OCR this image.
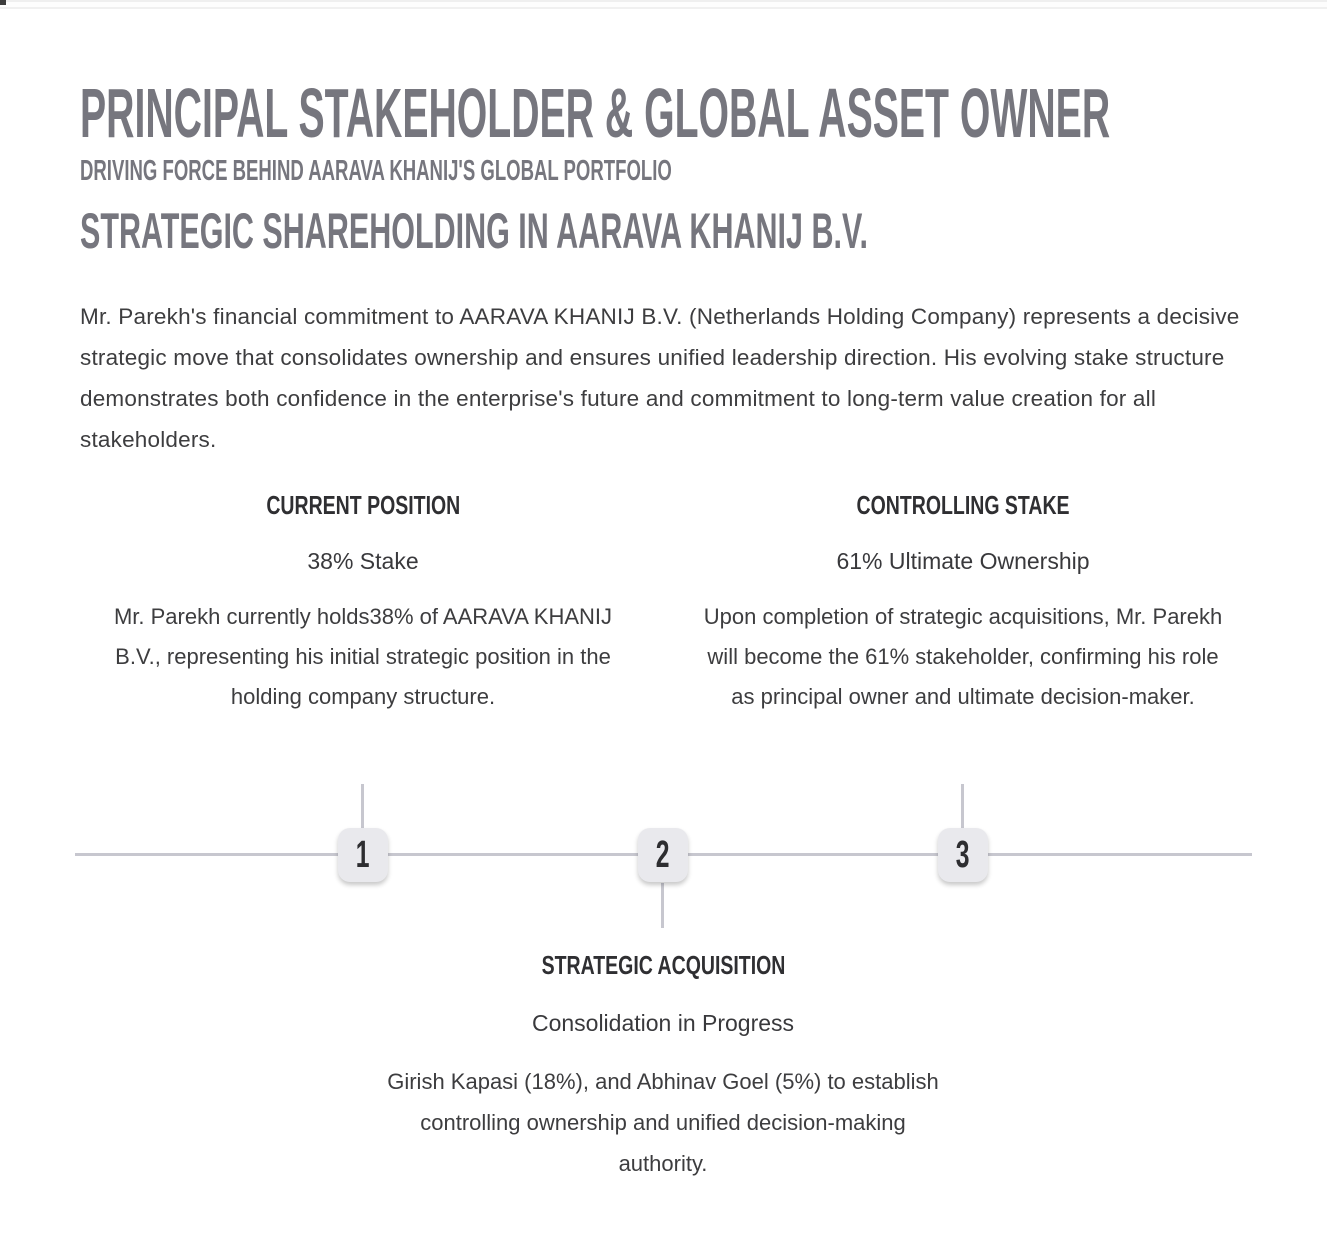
PRINCIPAL STAKEHOLDER & GLOBAL ASSET OWNER
DRIVING FORCE BEHIND AARAVA KHANIJ'S GLOBAL PORTFOLIO
STRATEGIC SHAREHOLDING IN AARAVA KHANIJ B.V.

Mr. Parekh's financial commitment to AARAVA KHANIJ B.V. (Netherlands Holding Company) represents a decisive strategic move that consolidates ownership and ensures unified leadership direction. His evolving stake structure demonstrates both confidence in the enterprise's future and commitment to long-term value creation for all stakeholders.

CURRENT POSITION
38% Stake

Mr. Parekh currently holds38% of AARAVA KHANIJ B.V., representing his initial strategic position in the holding company structure.

CONTROLLING STAKE
61% Ultimate Ownership

Upon completion of strategic acquisitions, Mr. Parekh will become the 61% stakeholder, confirming his role as principal owner and ultimate decision-maker.

1	2	3
STRATEGIC ACQUISITION
Consolidation in Progress

Girish Kapasi (18%), and Abhinav Goel (5%) to establish controlling ownership and unified decision-making authority.
